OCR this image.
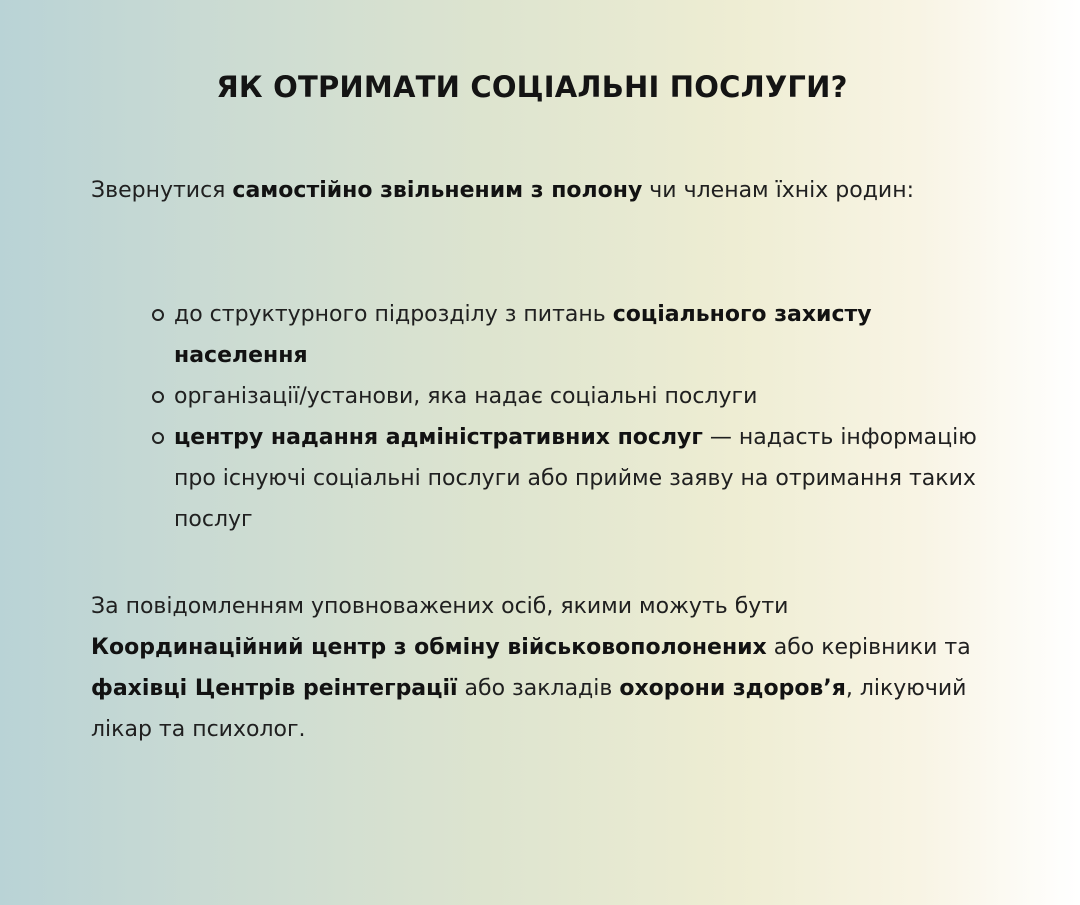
ЯК ОТРИМАТИ СОЦІАЛЬНІ ПОСЛУГИ?
Звернутися самостійно звільненим з полону чи членам їхніх родин:
до структурного підрозділу з питань соціального захисту населення
організації/установи, яка надає соціальні послуги
центру надання адміністративних послуг — надасть інформацію про існуючі соціальні послуги або прийме заяву на отримання таких послуг
За повідомленням уповноважених осіб, якими можуть бути Координаційний центр з обміну військовополонених або керівники та фахівці Центрів реінтеграції або закладів охорони здоров’я, лікуючий лікар та психолог.
